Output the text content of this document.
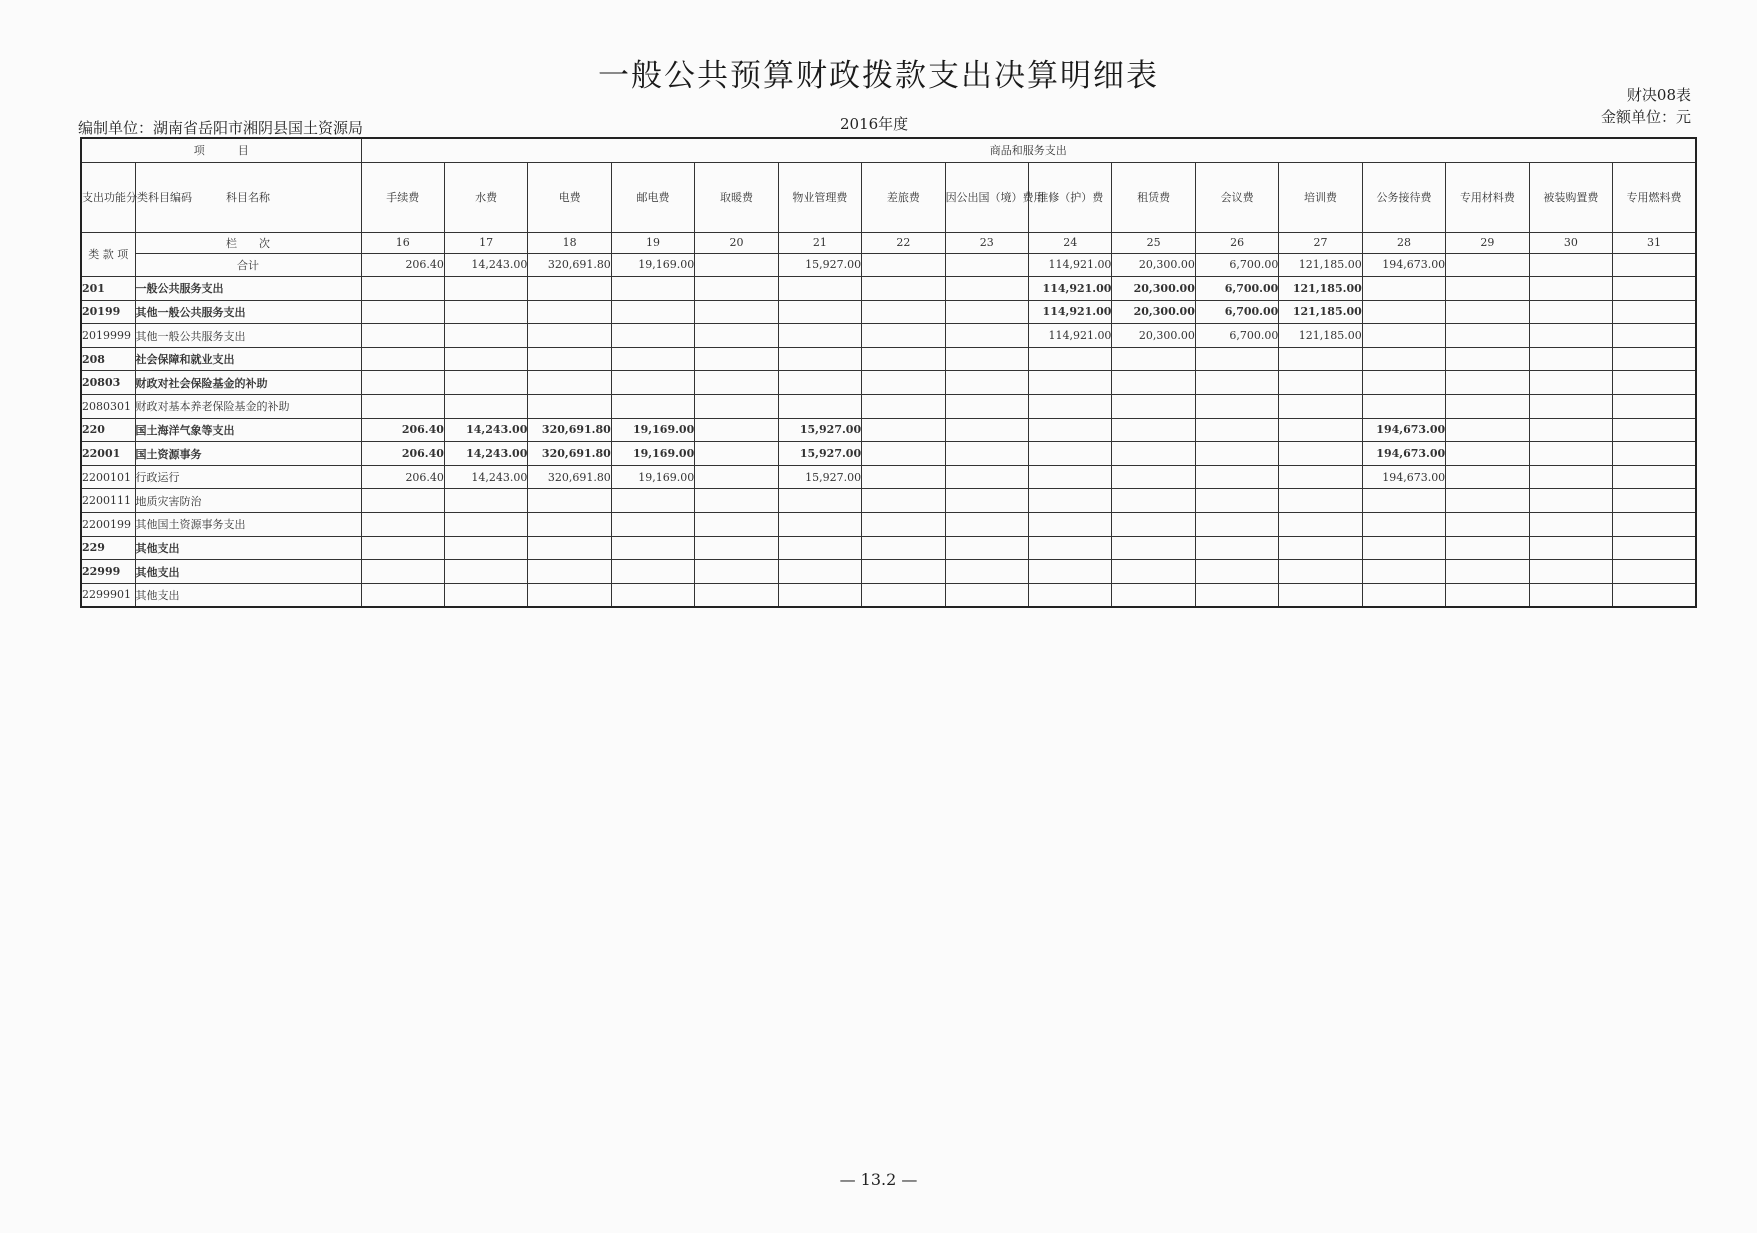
一般公共预算财政拨款支出决算明细表
财决08表
金额单位：元
编制单位：湖南省岳阳市湘阴县国土资源局	2016年度
项　　　目		商品和服务支出															
支出功能分类科目编码	科目名称	手续费	水费	电费	邮电费	取暖费	物业管理费	差旅费	因公出国（境）费用	维修（护）费	租赁费	会议费	培训费	公务接待费	专用材料费	被装购置费	专用燃料费
类 款 项	栏　　次	16	17	18	19	20	21	22	23	24	25	26	27	28	29	30	31
	合计	206.40	14,243.00	320,691.80	19,169.00		15,927.00			114,921.00	20,300.00	6,700.00	121,185.00	194,673.00			
201	一般公共服务支出									114,921.00	20,300.00	6,700.00	121,185.00				
20199	其他一般公共服务支出									114,921.00	20,300.00	6,700.00	121,185.00				
2019999	其他一般公共服务支出									114,921.00	20,300.00	6,700.00	121,185.00				
208	社会保障和就业支出																
20803	财政对社会保险基金的补助																
2080301	财政对基本养老保险基金的补助																
220	国土海洋气象等支出	206.40	14,243.00	320,691.80	19,169.00		15,927.00							194,673.00			
22001	国土资源事务	206.40	14,243.00	320,691.80	19,169.00		15,927.00							194,673.00			
2200101	行政运行	206.40	14,243.00	320,691.80	19,169.00		15,927.00							194,673.00			
2200111	地质灾害防治																
2200199	其他国土资源事务支出																
229	其他支出																
22999	其他支出																
2299901	其他支出																
— 13.2 —
